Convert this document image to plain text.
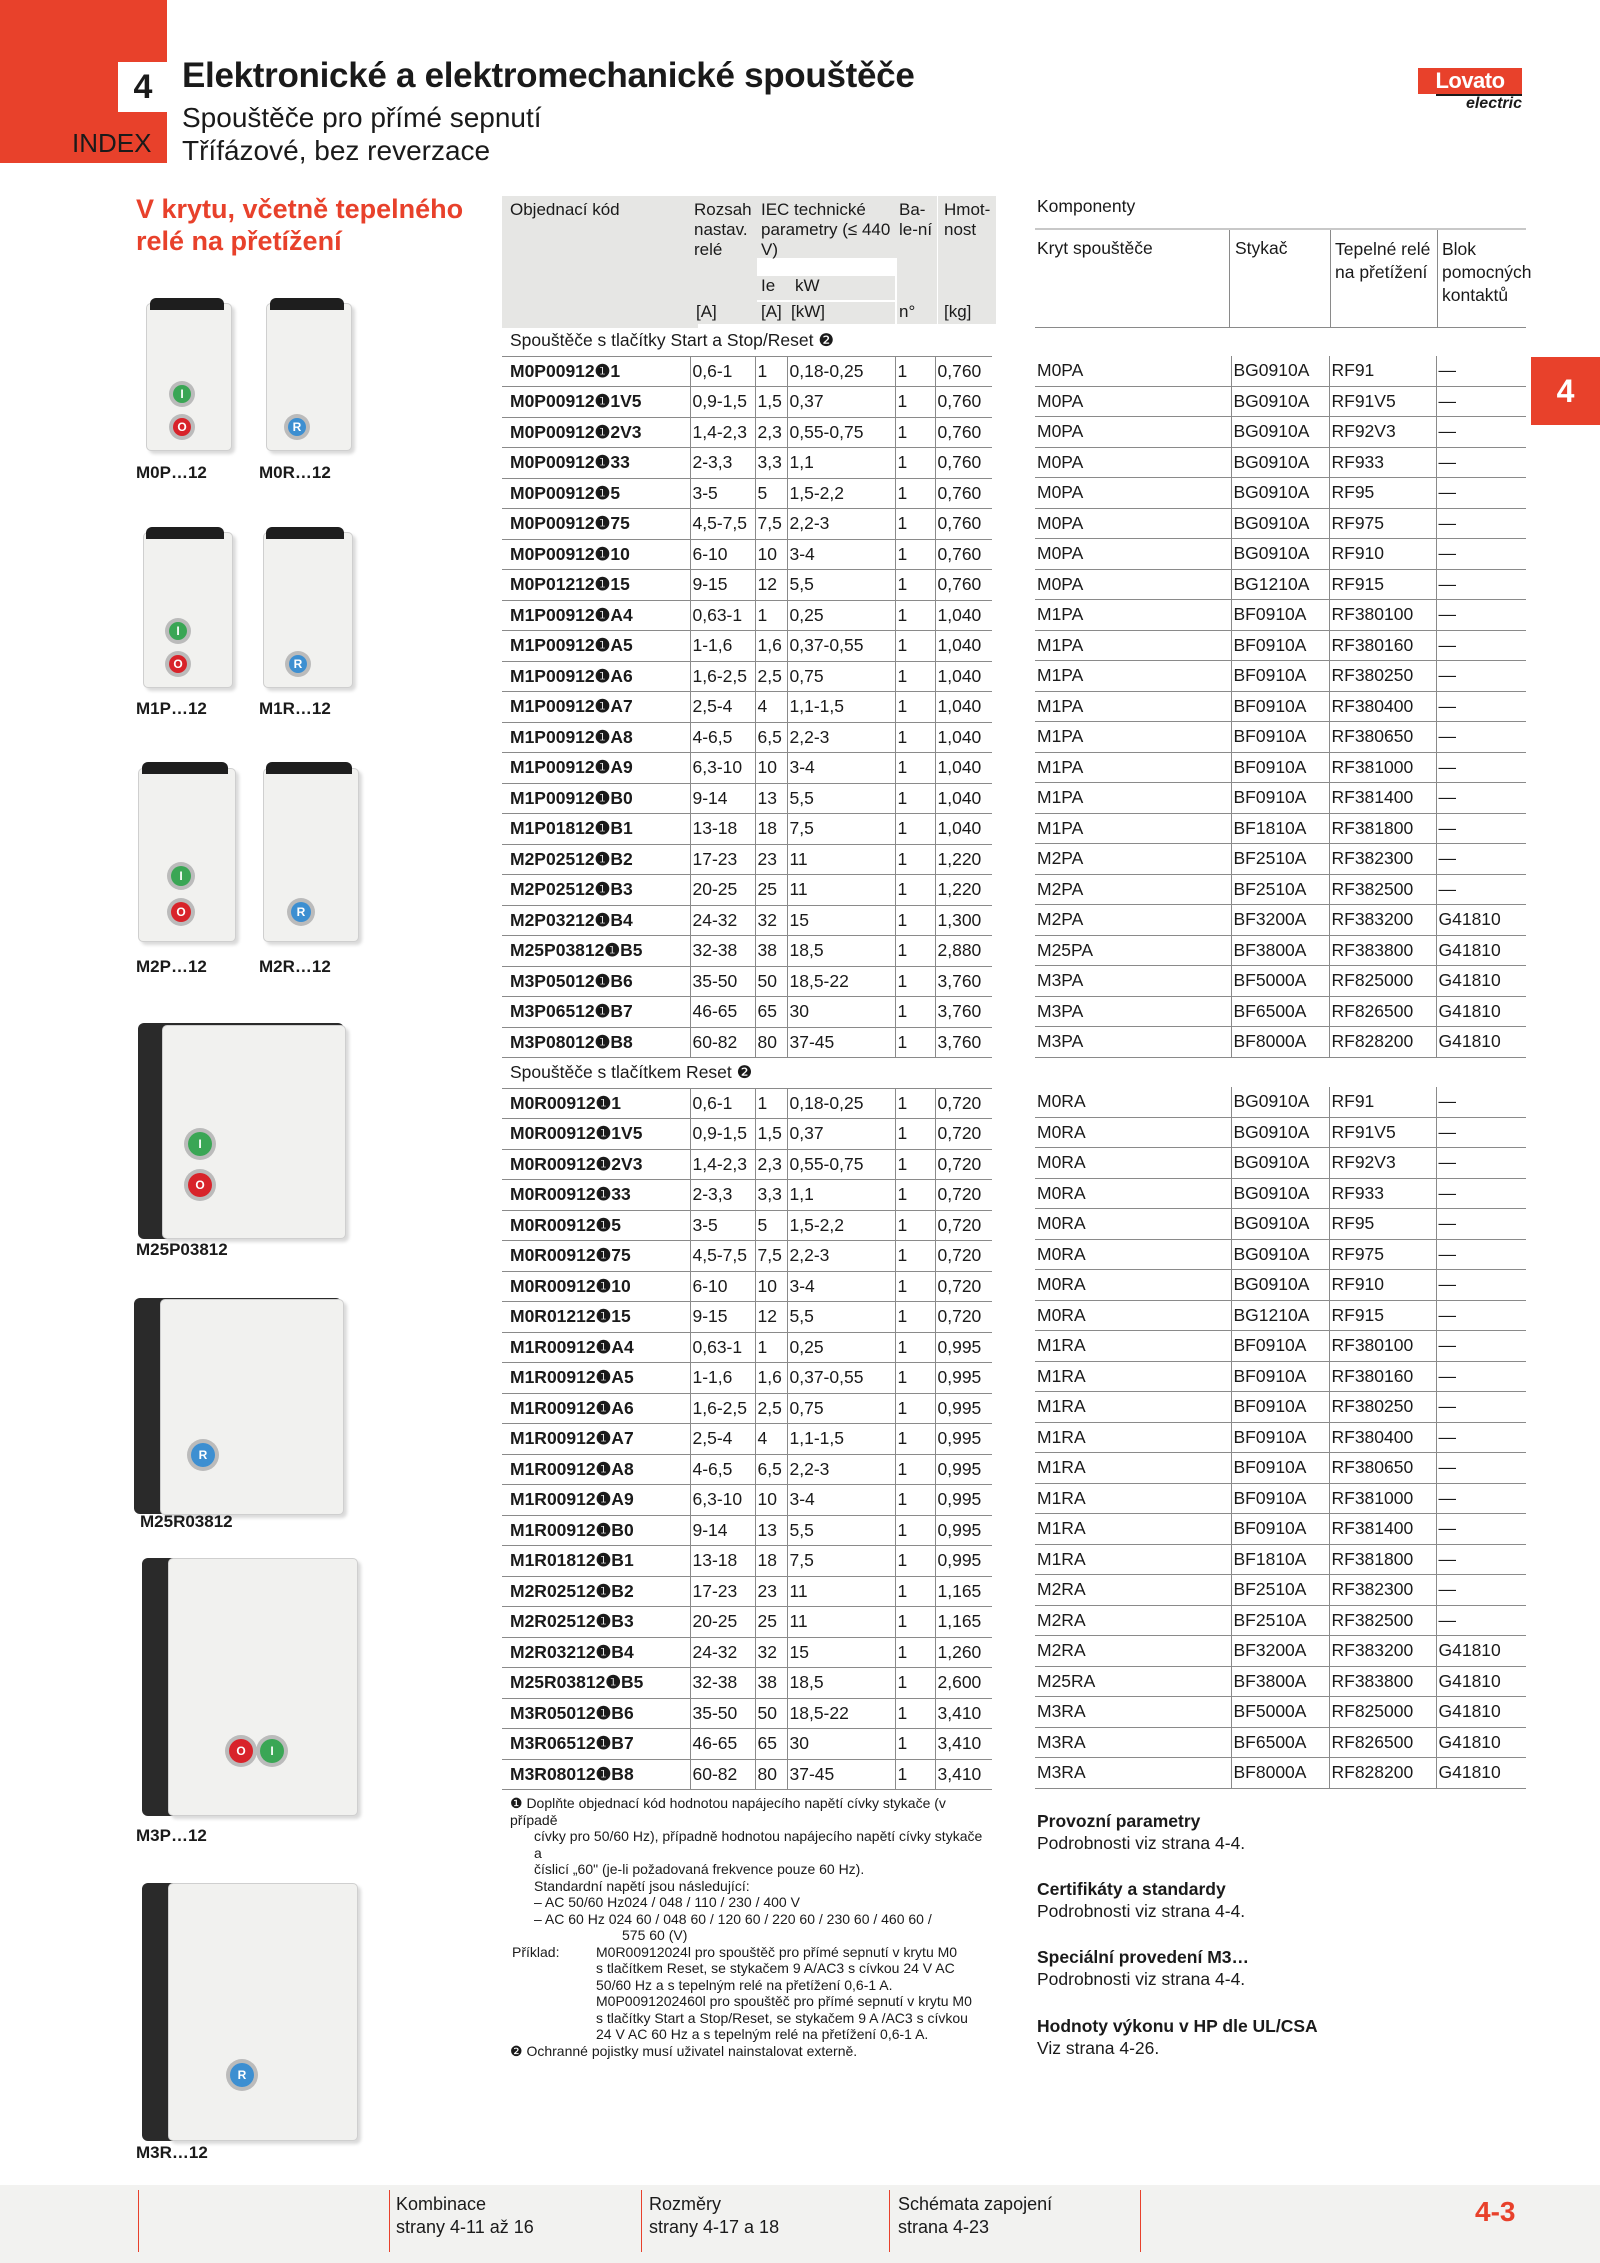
4
INDEX
Elektronické a elektromechanické spouštěče
Spouštěče pro přímé sepnutí
Třífázové, bez reverzace
Lovato
electric
4
V krytu, včetně tepelného relé na přetížení
I
O	R
M0P…12	M0R…12
I
O	R
M1P…12	M1R…12
I
O	R
M2P…12	M2R…12
I
O
M25P03812
R
M25R03812
O	I
M3P…12
R
M3R…12
Objednací kód	Rozsah nastav. relé
IEC technické parametry (≤ 440 V)
Ie	kW
Ba-le-ní
Hmot-nost
[A]	[A] [kW]	n°	[kg]
Spouštěče s tlačítky Start a Stop/Reset ❷					
M0P00912❶1	0,6-1	1	0,18-0,25	1	0,760
M0P00912❶1V5	0,9-1,5	1,5	0,37	1	0,760
M0P00912❶2V3	1,4-2,3	2,3	0,55-0,75	1	0,760
M0P00912❶33	2-3,3	3,3	1,1	1	0,760
M0P00912❶5	3-5	5	1,5-2,2	1	0,760
M0P00912❶75	4,5-7,5	7,5	2,2-3	1	0,760
M0P00912❶10	6-10	10	3-4	1	0,760
M0P01212❶15	9-15	12	5,5	1	0,760
M1P00912❶A4	0,63-1	1	0,25	1	1,040
M1P00912❶A5	1-1,6	1,6	0,37-0,55	1	1,040
M1P00912❶A6	1,6-2,5	2,5	0,75	1	1,040
M1P00912❶A7	2,5-4	4	1,1-1,5	1	1,040
M1P00912❶A8	4-6,5	6,5	2,2-3	1	1,040
M1P00912❶A9	6,3-10	10	3-4	1	1,040
M1P00912❶B0	9-14	13	5,5	1	1,040
M1P01812❶B1	13-18	18	7,5	1	1,040
M2P02512❶B2	17-23	23	11	1	1,220
M2P02512❶B3	20-25	25	11	1	1,220
M2P03212❶B4	24-32	32	15	1	1,300
M25P03812❶B5	32-38	38	18,5	1	2,880
M3P05012❶B6	35-50	50	18,5-22	1	3,760
M3P06512❶B7	46-65	65	30	1	3,760
M3P08012❶B8	60-82	80	37-45	1	3,760
Spouštěče s tlačítkem Reset ❷					
M0R00912❶1	0,6-1	1	0,18-0,25	1	0,720
M0R00912❶1V5	0,9-1,5	1,5	0,37	1	0,720
M0R00912❶2V3	1,4-2,3	2,3	0,55-0,75	1	0,720
M0R00912❶33	2-3,3	3,3	1,1	1	0,720
M0R00912❶5	3-5	5	1,5-2,2	1	0,720
M0R00912❶75	4,5-7,5	7,5	2,2-3	1	0,720
M0R00912❶10	6-10	10	3-4	1	0,720
M0R01212❶15	9-15	12	5,5	1	0,720
M1R00912❶A4	0,63-1	1	0,25	1	0,995
M1R00912❶A5	1-1,6	1,6	0,37-0,55	1	0,995
M1R00912❶A6	1,6-2,5	2,5	0,75	1	0,995
M1R00912❶A7	2,5-4	4	1,1-1,5	1	0,995
M1R00912❶A8	4-6,5	6,5	2,2-3	1	0,995
M1R00912❶A9	6,3-10	10	3-4	1	0,995
M1R00912❶B0	9-14	13	5,5	1	0,995
M1R01812❶B1	13-18	18	7,5	1	0,995
M2R02512❶B2	17-23	23	11	1	1,165
M2R02512❶B3	20-25	25	11	1	1,165
M2R03212❶B4	24-32	32	15	1	1,260
M25R03812❶B5	32-38	38	18,5	1	2,600
M3R05012❶B6	35-50	50	18,5-22	1	3,410
M3R06512❶B7	46-65	65	30	1	3,410
M3R08012❶B8	60-82	80	37-45	1	3,410
Komponenty
Kryt spouštěče	Stykač	Tepelné relé na přetížení
Blok pomocných kontaktů
M0PA	BG0910A	RF91	—
M0PA	BG0910A	RF91V5	—
M0PA	BG0910A	RF92V3	—
M0PA	BG0910A	RF933	—
M0PA	BG0910A	RF95	—
M0PA	BG0910A	RF975	—
M0PA	BG0910A	RF910	—
M0PA	BG1210A	RF915	—
M1PA	BF0910A	RF380100	—
M1PA	BF0910A	RF380160	—
M1PA	BF0910A	RF380250	—
M1PA	BF0910A	RF380400	—
M1PA	BF0910A	RF380650	—
M1PA	BF0910A	RF381000	—
M1PA	BF0910A	RF381400	—
M1PA	BF1810A	RF381800	—
M2PA	BF2510A	RF382300	—
M2PA	BF2510A	RF382500	—
M2PA	BF3200A	RF383200	G41810
M25PA	BF3800A	RF383800	G41810
M3PA	BF5000A	RF825000	G41810
M3PA	BF6500A	RF826500	G41810
M3PA	BF8000A	RF828200	G41810

M0RA	BG0910A	RF91	—
M0RA	BG0910A	RF91V5	—
M0RA	BG0910A	RF92V3	—
M0RA	BG0910A	RF933	—
M0RA	BG0910A	RF95	—
M0RA	BG0910A	RF975	—
M0RA	BG0910A	RF910	—
M0RA	BG1210A	RF915	—
M1RA	BF0910A	RF380100	—
M1RA	BF0910A	RF380160	—
M1RA	BF0910A	RF380250	—
M1RA	BF0910A	RF380400	—
M1RA	BF0910A	RF380650	—
M1RA	BF0910A	RF381000	—
M1RA	BF0910A	RF381400	—
M1RA	BF1810A	RF381800	—
M2RA	BF2510A	RF382300	—
M2RA	BF2510A	RF382500	—
M2RA	BF3200A	RF383200	G41810
M25RA	BF3800A	RF383800	G41810
M3RA	BF5000A	RF825000	G41810
M3RA	BF6500A	RF826500	G41810
M3RA	BF8000A	RF828200	G41810

❶ Doplňte objednací kód hodnotou napájecího napětí cívky stykače (v případě

cívky pro 50/60 Hz), případně hodnotou napájecího napětí cívky stykače a

číslicí „60" (je-li požadovaná frekvence pouze 60 Hz).

Standardní napětí jsou následující:

– AC 50/60 Hz024 / 048 / 110 / 230 / 400 V

– AC 60 Hz 024 60 / 048 60 / 120 60 / 220 60 / 230 60 / 460 60 /

575 60 (V)

Příklad:	M0R00912024l pro spouštěč pro přímé sepnutí v krytu M0
s tlačítkem Reset, se stykačem 9 A/AC3 s cívkou 24 V AC
50/60 Hz a s tepelným relé na přetížení 0,6-1 A.
M0P0091202460l pro spouštěč pro přímé sepnutí v krytu M0
s tlačítky Start a Stop/Reset, se stykačem 9 A /AC3 s cívkou
24 V AC 60 Hz a s tepelným relé na přetížení 0,6-1 A.

❷ Ochranné pojistky musí uživatel nainstalovat externě.

Provozní parametry
Podrobnosti viz strana 4-4.
Certifikáty a standardy
Podrobnosti viz strana 4-4.
Speciální provedení M3…
Podrobnosti viz strana 4-4.
Hodnoty výkonu v HP dle UL/CSA
Viz strana 4-26.
Kombinace
strany 4-11 až 16
Rozměry
strany 4-17 a 18
Schémata zapojení
strana 4-23	4-3
